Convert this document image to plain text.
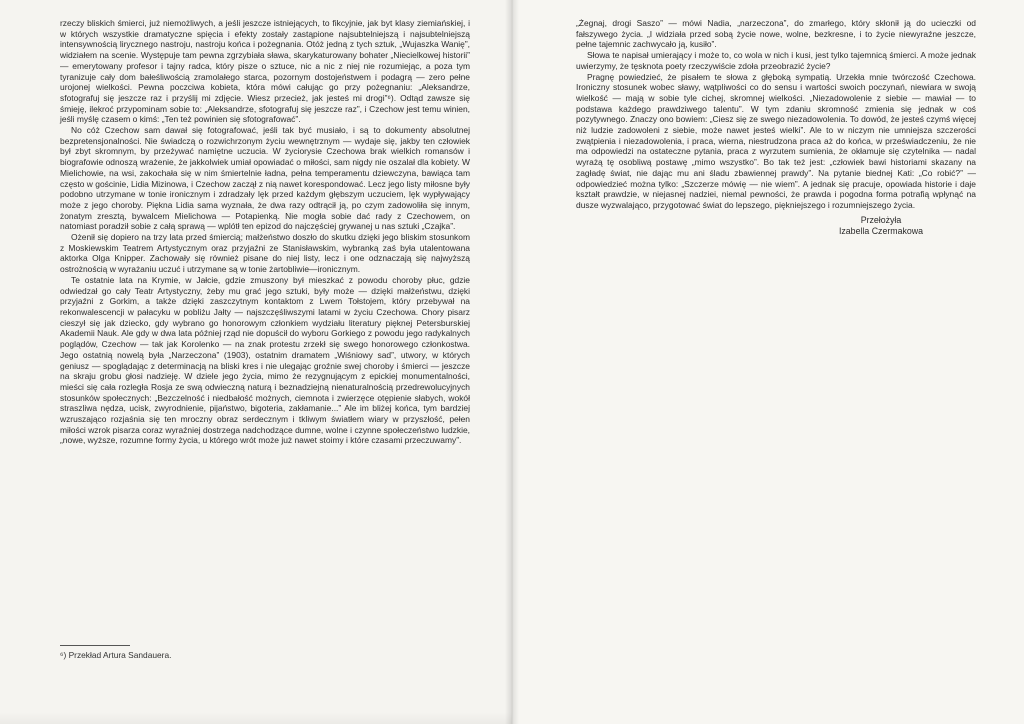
rzeczy bliskich śmierci, już niemożliwych, a jeśli jeszcze istniejących, to fikcyjnie, jak byt klasy ziemiańskiej, i w których wszystkie dramatyczne spięcia i efekty zostały zastąpione najsubtelniejszą i najsubtelniejszą intensywnością lirycznego nastroju, nastroju końca i pożegnania. Otóż jedną z tych sztuk, „Wujaszka Wanię”, widziałem na scenie. Występuje tam pewna zgrzybiała sława, skarykaturowany bohater „Niecielkowej historii” — emerytowany profesor i tajny radca, który pisze o sztuce, nic a nic z niej nie rozumiejąc, a poza tym tyranizuje cały dom bałeśliwością zramolałego starca, pozornym dostojeństwem i podagrą — zero pełne urojonej wielkości. Pewna poczciwa kobieta, która mówi całując go przy pożegnaniu: „Aleksandrze, sfotografuj się jeszcze raz i przyślij mi zdjęcie. Wiesz przecież, jak jesteś mi drogi”⁶). Odtąd zawsze się śmieję, ilekroć przypominam sobie to: „Aleksandrze, sfotografuj się jeszcze raz”, i Czechow jest temu winien, jeśli myślę czasem o kimś: „Ten też powinien się sfotografować”.

No cóż Czechow sam dawał się fotografować, jeśli tak być musiało, i są to dokumenty absolutnej bezpretensjonalności. Nie świadczą o rozwichrzonym życiu wewnętrznym — wydaje się, jakby ten człowiek był zbyt skromnym, by przeżywać namiętne uczucia. W życiorysie Czechowa brak wielkich romansów i biografowie odnoszą wrażenie, że jakkolwiek umiał opowiadać o miłości, sam nigdy nie oszalał dla kobiety. W Mielichowie, na wsi, zakochała się w nim śmiertelnie ładna, pełna temperamentu dziewczyna, bawiąca tam często w gościnie, Lidia Mizinowa, i Czechow zaczął z nią nawet korespondować. Lecz jego listy miłosne były podobno utrzymane w tonie ironicznym i zdradzały lęk przed każdym głębszym uczuciem, lęk wypływający może z jego choroby. Piękna Lidia sama wyznała, że dwa razy odtrącił ją, po czym zadowoliła się innym, żonatym zresztą, bywalcem Mielichowa — Potapienką. Nie mogła sobie dać rady z Czechowem, on natomiast poradził sobie z całą sprawą — wplótł ten epizod do najczęściej grywanej u nas sztuki „Czajka”.

Ożenił się dopiero na trzy lata przed śmiercią; małżeństwo doszło do skutku dzięki jego bliskim stosunkom z Moskiewskim Teatrem Artystycznym oraz przyjaźni ze Stanisławskim, wybranką zaś była utalentowana aktorka Olga Knipper. Zachowały się również pisane do niej listy, lecz i one odznaczają się najwyższą ostrożnością w wyrażaniu uczuć i utrzymane są w tonie żartobliwie—ironicznym.

Te ostatnie lata na Krymie, w Jałcie, gdzie zmuszony był mieszkać z powodu choroby płuc, gdzie odwiedzał go cały Teatr Artystyczny, żeby mu grać jego sztuki, były może — dzięki małżeństwu, dzięki przyjaźni z Gorkim, a także dzięki zaszczytnym kontaktom z Lwem Tołstojem, który przebywał na rekonwalescencji w pałacyku w pobliżu Jałty — najszczęśliwszymi latami w życiu Czechowa. Chory pisarz cieszył się jak dziecko, gdy wybrano go honorowym członkiem wydziału literatury pięknej Petersburskiej Akademii Nauk. Ale gdy w dwa lata później rząd nie dopuścił do wyboru Gorkiego z powodu jego radykalnych poglądów, Czechow — tak jak Korolenko — na znak protestu zrzekł się swego honorowego członkostwa. Jego ostatnią nowelą była „Narzeczona” (1903), ostatnim dramatem „Wiśniowy sad”, utwory, w których geniusz — spoglądając z determinacją na bliski kres i nie ulegając groźnie swej choroby i śmierci — jeszcze na skraju grobu głosi nadzieję. W dziele jego życia, mimo że rezygnującym z epickiej monumentalności, mieści się cała rozległa Rosja ze swą odwieczną naturą i beznadziejną nienaturalnością przedrewolucyjnych stosunków społecznych: „Bezczelność i niedbałość możnych, ciemnota i zwierzęce otępienie słabych, wokół straszliwa nędza, ucisk, zwyrodnienie, pijaństwo, bigoteria, zakłamanie...” Ale im bliżej końca, tym bardziej wzruszająco rozjaśnia się ten mroczny obraz serdecznym i tkliwym światłem wiary w przyszłość, pełen miłości wzrok pisarza coraz wyraźniej dostrzega nadchodzące dumne, wolne i czynne społeczeństwo ludzkie, „nowe, wyższe, rozumne formy życia, u którego wrót może już nawet stoimy i które czasami przeczuwamy”.

⁶) Przekład Artura Sandauera.

„Żegnaj, drogi Saszo” — mówi Nadia, „narzeczona”, do zmarłego, który skłonił ją do ucieczki od fałszywego życia. „I widziała przed sobą życie nowe, wolne, bezkresne, i to życie niewyraźne jeszcze, pełne tajemnic zachwycało ją, kusiło”.

Słowa te napisał umierający i może to, co wola w nich i kusi, jest tylko tajemnicą śmierci. A może jednak uwierzymy, że tęsknota poety rzeczywiście zdoła przeobrazić życie?

Pragnę powiedzieć, że pisałem te słowa z głęboką sympatią. Urzekła mnie twórczość Czechowa. Ironiczny stosunek wobec sławy, wątpliwości co do sensu i wartości swoich poczynań, niewiara w swoją wielkość — mają w sobie tyle cichej, skromnej wielkości. „Niezadowolenie z siebie — mawiał — to podstawa każdego prawdziwego talentu”. W tym zdaniu skromność zmienia się jednak w coś pozytywnego. Znaczy ono bowiem: „Ciesz się ze swego niezadowolenia. To dowód, że jesteś czymś więcej niż ludzie zadowoleni z siebie, może nawet jesteś wielki”. Ale to w niczym nie umniejsza szczerości zwątpienia i niezadowolenia, i praca, wierna, niestrudzona praca aż do końca, w przeświadczeniu, że nie ma odpowiedzi na ostateczne pytania, praca z wyrzutem sumienia, że okłamuje się czytelnika — nadal wyrażą tę osobliwą postawę „mimo wszystko”. Bo tak też jest: „człowiek bawi historiami skazany na zagładę świat, nie dając mu ani śladu zbawiennej prawdy”. Na pytanie biednej Kati: „Co robić?” — odpowiedzieć można tylko: „Szczerze mówię — nie wiem”. A jednak się pracuje, opowiada historie i daje kształt prawdzie, w niejasnej nadziei, niemal pewności, że prawda i pogodna forma potrafią wpłynąć na dusze wyzwalająco, przygotować świat do lepszego, piękniejszego i rozumniejszego życia.

Przełożyła
Izabella Czermakowa
